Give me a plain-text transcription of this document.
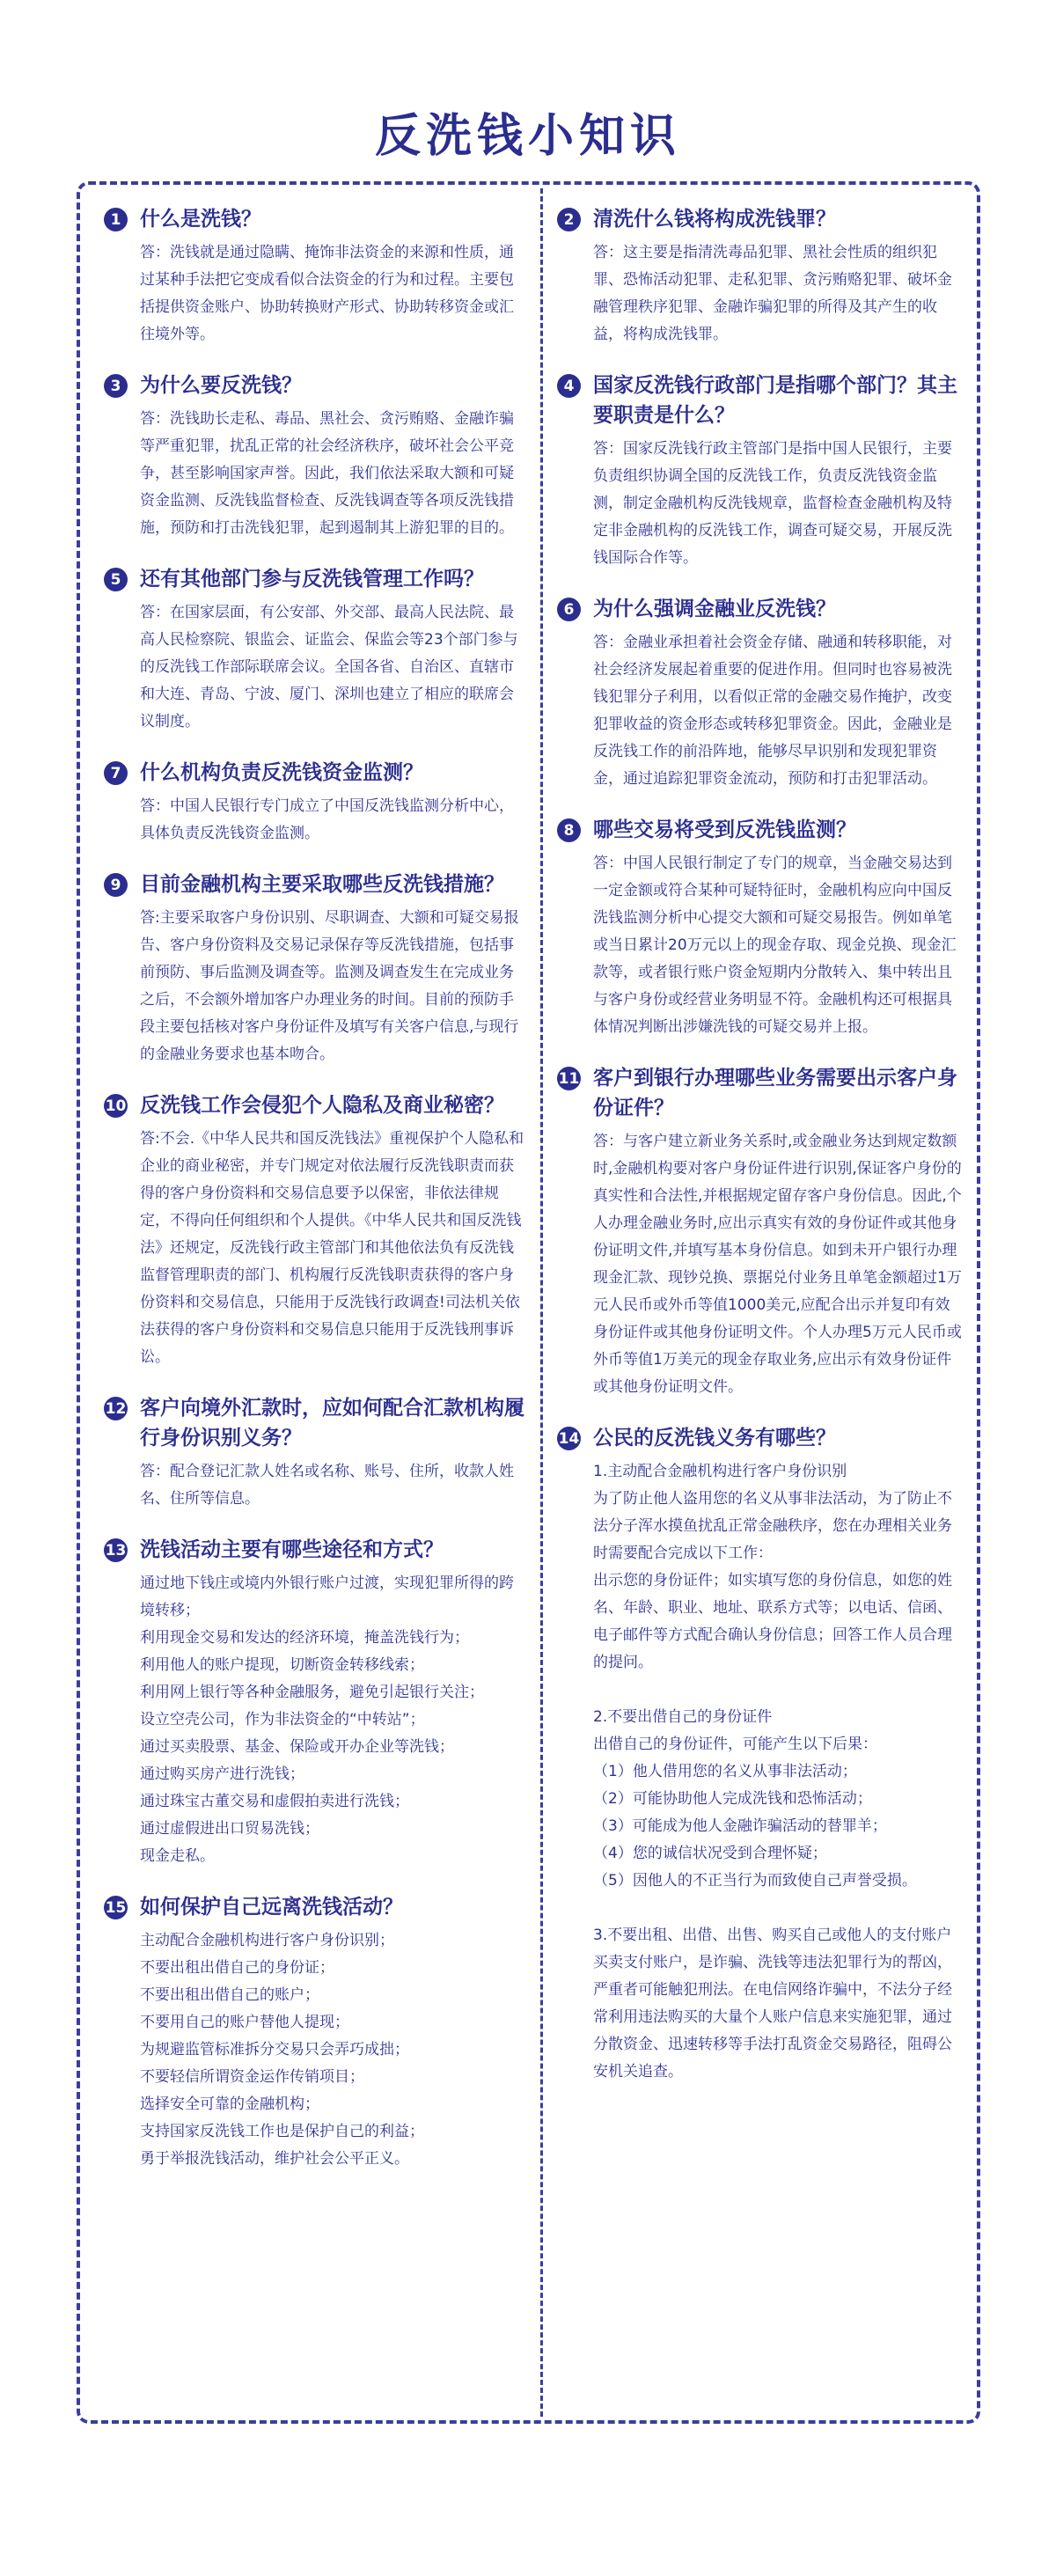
反洗钱小知识
1 什么是洗钱？
答：洗钱就是通过隐瞒、掩饰非法资金的来源和性质，通过某种手法把它变成看似合法资金的行为和过程。主要包括提供资金账户、协助转换财产形式、协助转移资金或汇往境外等。
3 为什么要反洗钱？
答：洗钱助长走私、毒品、黑社会、贪污贿赂、金融诈骗等严重犯罪，扰乱正常的社会经济秩序，破坏社会公平竞争，甚至影响国家声誉。因此，我们依法采取大额和可疑资金监测、反洗钱监督检查、反洗钱调查等各项反洗钱措施，预防和打击洗钱犯罪，起到遏制其上游犯罪的目的。
5 还有其他部门参与反洗钱管理工作吗？
答：在国家层面，有公安部、外交部、最高人民法院、最高人民检察院、银监会、证监会、保监会等23个部门参与的反洗钱工作部际联席会议。全国各省、自治区、直辖市和大连、青岛、宁波、厦门、深圳也建立了相应的联席会议制度。
7 什么机构负责反洗钱资金监测？
答：中国人民银行专门成立了中国反洗钱监测分析中心，具体负责反洗钱资金监测。
9 目前金融机构主要采取哪些反洗钱措施？
答:主要采取客户身份识别、尽职调查、大额和可疑交易报告、客户身份资料及交易记录保存等反洗钱措施，包括事前预防、事后监测及调查等。监测及调查发生在完成业务之后，不会额外增加客户办理业务的时间。目前的预防手段主要包括核对客户身份证件及填写有关客户信息,与现行的金融业务要求也基本吻合。
10 反洗钱工作会侵犯个人隐私及商业秘密？
答:不会.《中华人民共和国反洗钱法》重视保护个人隐私和企业的商业秘密，并专门规定对依法履行反洗钱职责而获得的客户身份资料和交易信息要予以保密，非依法律规定，不得向任何组织和个人提供。《中华人民共和国反洗钱法》还规定，反洗钱行政主管部门和其他依法负有反洗钱监督管理职责的部门、机构履行反洗钱职责获得的客户身份资料和交易信息，只能用于反洗钱行政调查!司法机关依法获得的客户身份资料和交易信息只能用于反洗钱刑事诉讼。
12 客户向境外汇款时，应如何配合汇款机构履行身份识别义务？
答：配合登记汇款人姓名或名称、账号、住所，收款人姓名、住所等信息。
13 洗钱活动主要有哪些途径和方式？
通过地下钱庄或境内外银行账户过渡，实现犯罪所得的跨境转移；
利用现金交易和发达的经济环境，掩盖洗钱行为；
利用他人的账户提现，切断资金转移线索；
利用网上银行等各种金融服务，避免引起银行关注；
设立空壳公司，作为非法资金的“中转站”；
通过买卖股票、基金、保险或开办企业等洗钱；
通过购买房产进行洗钱；
通过珠宝古董交易和虚假拍卖进行洗钱；
通过虚假进出口贸易洗钱；
现金走私。
15 如何保护自己远离洗钱活动？
主动配合金融机构进行客户身份识别；
不要出租出借自己的身份证；
不要出租出借自己的账户；
不要用自己的账户替他人提现；
为规避监管标准拆分交易只会弄巧成拙；
不要轻信所谓资金运作传销项目；
选择安全可靠的金融机构；
支持国家反洗钱工作也是保护自己的利益；
勇于举报洗钱活动，维护社会公平正义。
2 清洗什么钱将构成洗钱罪？
答：这主要是指清洗毒品犯罪、黑社会性质的组织犯罪、恐怖活动犯罪、走私犯罪、贪污贿赂犯罪、破坏金融管理秩序犯罪、金融诈骗犯罪的所得及其产生的收益，将构成洗钱罪。
4 国家反洗钱行政部门是指哪个部门？其主要职责是什么？
答：国家反洗钱行政主管部门是指中国人民银行，主要负责组织协调全国的反洗钱工作，负责反洗钱资金监测，制定金融机构反洗钱规章，监督检查金融机构及特定非金融机构的反洗钱工作，调查可疑交易，开展反洗钱国际合作等。
6 为什么强调金融业反洗钱？
答：金融业承担着社会资金存储、融通和转移职能，对社会经济发展起着重要的促进作用。但同时也容易被洗钱犯罪分子利用，以看似正常的金融交易作掩护，改变犯罪收益的资金形态或转移犯罪资金。因此，金融业是反洗钱工作的前沿阵地，能够尽早识别和发现犯罪资金，通过追踪犯罪资金流动，预防和打击犯罪活动。
8 哪些交易将受到反洗钱监测？
答：中国人民银行制定了专门的规章，当金融交易达到一定金额或符合某种可疑特征时，金融机构应向中国反洗钱监测分析中心提交大额和可疑交易报告。例如单笔或当日累计20万元以上的现金存取、现金兑换、现金汇款等，或者银行账户资金短期内分散转入、集中转出且与客户身份或经营业务明显不符。金融机构还可根据具体情况判断出涉嫌洗钱的可疑交易并上报。
11 客户到银行办理哪些业务需要出示客户身份证件？
答：与客户建立新业务关系时,或金融业务达到规定数额时,金融机构要对客户身份证件进行识别,保证客户身份的真实性和合法性,并根据规定留存客户身份信息。因此,个人办理金融业务时,应出示真实有效的身份证件或其他身份证明文件,并填写基本身份信息。如到未开户银行办理现金汇款、现钞兑换、票据兑付业务且单笔金额超过1万元人民币或外币等值1000美元,应配合出示并复印有效身份证件或其他身份证明文件。个人办理5万元人民币或外币等值1万美元的现金存取业务,应出示有效身份证件或其他身份证明文件。
14 公民的反洗钱义务有哪些？
1.主动配合金融机构进行客户身份识别
为了防止他人盗用您的名义从事非法活动，为了防止不法分子浑水摸鱼扰乱正常金融秩序，您在办理相关业务时需要配合完成以下工作：
出示您的身份证件；如实填写您的身份信息，如您的姓名、年龄、职业、地址、联系方式等；以电话、信函、电子邮件等方式配合确认身份信息；回答工作人员合理的提问。

2.不要出借自己的身份证件
出借自己的身份证件，可能产生以下后果：
（1）他人借用您的名义从事非法活动；
（2）可能协助他人完成洗钱和恐怖活动；
（3）可能成为他人金融诈骗活动的替罪羊；
（4）您的诚信状况受到合理怀疑；
（5）因他人的不正当行为而致使自己声誉受损。

3.不要出租、出借、出售、购买自己或他人的支付账户买卖支付账户，是诈骗、洗钱等违法犯罪行为的帮凶，严重者可能触犯刑法。在电信网络诈骗中，不法分子经常利用违法购买的大量个人账户信息来实施犯罪，通过分散资金、迅速转移等手法打乱资金交易路径，阻碍公安机关追查。
